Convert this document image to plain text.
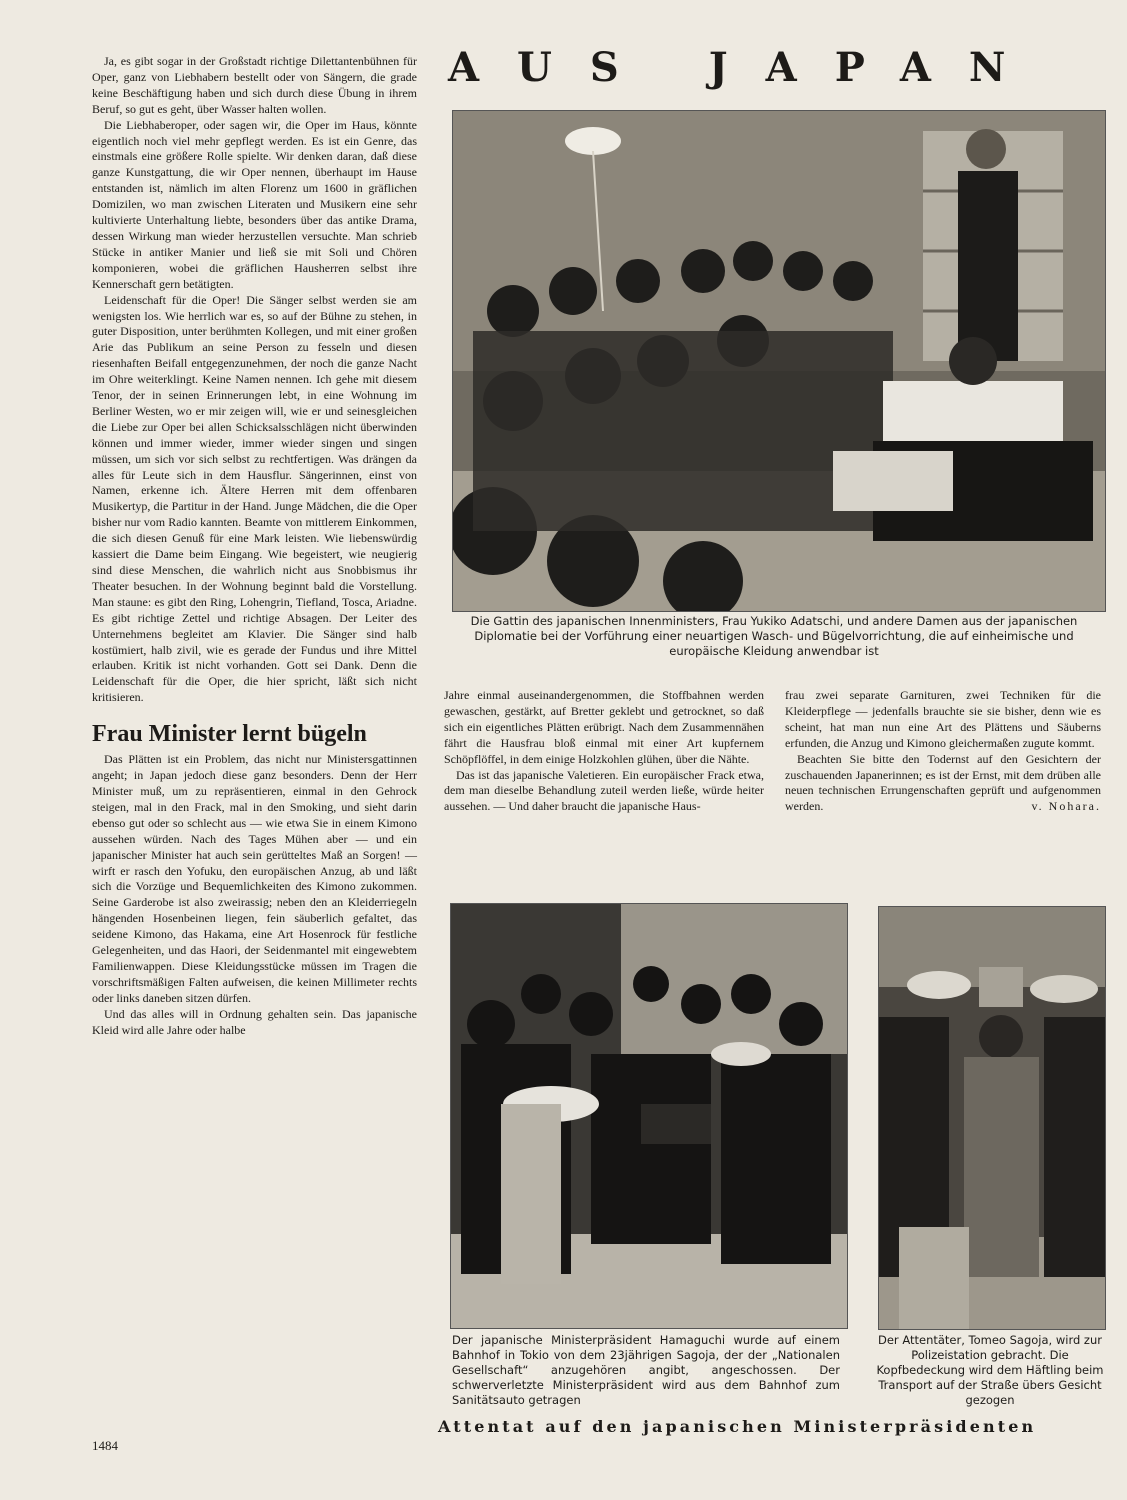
Ja, es gibt sogar in der Großstadt richtige Dilettantenbühnen für Oper, ganz von Liebhabern bestellt oder von Sängern, die grade keine Beschäftigung haben und sich durch diese Übung in ihrem Beruf, so gut es geht, über Wasser halten wollen.

Die Liebhaberoper, oder sagen wir, die Oper im Haus, könnte eigentlich noch viel mehr gepflegt werden. Es ist ein Genre, das einstmals eine größere Rolle spielte. Wir denken daran, daß diese ganze Kunstgattung, die wir Oper nennen, überhaupt im Hause entstanden ist, nämlich im alten Florenz um 1600 in gräflichen Domizilen, wo man zwischen Literaten und Musikern eine sehr kultivierte Unterhaltung liebte, besonders über das antike Drama, dessen Wirkung man wieder herzustellen versuchte. Man schrieb Stücke in antiker Manier und ließ sie mit Soli und Chören komponieren, wobei die gräflichen Hausherren selbst ihre Kennerschaft gern betätigten.

Leidenschaft für die Oper! Die Sänger selbst werden sie am wenigsten los. Wie herrlich war es, so auf der Bühne zu stehen, in guter Disposition, unter berühmten Kollegen, und mit einer großen Arie das Publikum an seine Person zu fesseln und diesen riesenhaften Beifall entgegenzunehmen, der noch die ganze Nacht im Ohre weiterklingt. Keine Namen nennen. Ich gehe mit diesem Tenor, der in seinen Erinnerungen lebt, in eine Wohnung im Berliner Westen, wo er mir zeigen will, wie er und seinesgleichen die Liebe zur Oper bei allen Schicksalsschlägen nicht überwinden können und immer wieder, immer wieder singen und singen müssen, um sich vor sich selbst zu rechtfertigen. Was drängen da alles für Leute sich in dem Hausflur. Sängerinnen, einst von Namen, erkenne ich. Ältere Herren mit dem offenbaren Musikertyp, die Partitur in der Hand. Junge Mädchen, die die Oper bisher nur vom Radio kannten. Beamte von mittlerem Einkommen, die sich diesen Genuß für eine Mark leisten. Wie liebenswürdig kassiert die Dame beim Eingang. Wie begeistert, wie neugierig sind diese Menschen, die wahrlich nicht aus Snobbismus ihr Theater besuchen. In der Wohnung beginnt bald die Vorstellung. Man staune: es gibt den Ring, Lohengrin, Tiefland, Tosca, Ariadne. Es gibt richtige Zettel und richtige Absagen. Der Leiter des Unternehmens begleitet am Klavier. Die Sänger sind halb kostümiert, halb zivil, wie es gerade der Fundus und ihre Mittel erlauben. Kritik ist nicht vorhanden. Gott sei Dank. Denn die Leidenschaft für die Oper, die hier spricht, läßt sich nicht kritisieren.

Frau Minister lernt bügeln

Das Plätten ist ein Problem, das nicht nur Ministersgattinnen angeht; in Japan jedoch diese ganz besonders. Denn der Herr Minister muß, um zu repräsentieren, einmal in den Gehrock steigen, mal in den Frack, mal in den Smoking, und sieht darin ebenso gut oder so schlecht aus — wie etwa Sie in einem Kimono aussehen würden. Nach des Tages Mühen aber — und ein japanischer Minister hat auch sein gerütteltes Maß an Sorgen! — wirft er rasch den Yofuku, den europäischen Anzug, ab und läßt sich die Vorzüge und Bequemlichkeiten des Kimono zukommen. Seine Garderobe ist also zweirassig; neben den an Kleiderriegeln hängenden Hosenbeinen liegen, fein säuberlich gefaltet, das seidene Kimono, das Hakama, eine Art Hosenrock für festliche Gelegenheiten, und das Haori, der Seidenmantel mit eingewebtem Familienwappen. Diese Kleidungsstücke müssen im Tragen die vorschriftsmäßigen Falten aufweisen, die keinen Millimeter rechts oder links daneben sitzen dürfen.

Und das alles will in Ordnung gehalten sein. Das japanische Kleid wird alle Jahre oder halbe

AUS JAPAN
Die Gattin des japanischen Innenministers, Frau Yukiko Adatschi, und andere Damen aus der japanischen Diplomatie bei der Vorführung einer neuartigen Wasch- und Bügelvorrichtung, die auf einheimische und europäische Kleidung anwendbar ist

Jahre einmal auseinandergenommen, die Stoffbahnen werden gewaschen, gestärkt, auf Bretter geklebt und getrocknet, so daß sich ein eigentliches Plätten erübrigt. Nach dem Zusammennähen fährt die Hausfrau bloß einmal mit einer Art kupfernem Schöpflöffel, in dem einige Holzkohlen glühen, über die Nähte.

Das ist das japanische Valetieren. Ein europäischer Frack etwa, dem man dieselbe Behandlung zuteil werden ließe, würde heiter aussehen. — Und daher braucht die japanische Haus-

frau zwei separate Garnituren, zwei Techniken für die Kleiderpflege — jedenfalls brauchte sie sie bisher, denn wie es scheint, hat man nun eine Art des Plättens und Säuberns erfunden, die Anzug und Kimono gleichermaßen zugute kommt.

Beachten Sie bitte den Todernst auf den Gesichtern der zuschauenden Japanerinnen; es ist der Ernst, mit dem drüben alle neuen technischen Errungenschaften geprüft und aufgenommen werden.	v. Nohara.

Der japanische Ministerpräsident Hamaguchi wurde auf einem Bahnhof in Tokio von dem 23jährigen Sagoja, der der „Nationalen Gesellschaft“ anzugehören angibt, angeschossen. Der schwerverletzte Ministerpräsident wird aus dem Bahnhof zum Sanitätsauto getragen
Der Attentäter, Tomeo Sagoja, wird zur Polizeistation gebracht. Die Kopfbedeckung wird dem Häftling beim Transport auf der Straße übers Gesicht gezogen
Attentat auf den japanischen Ministerpräsidenten
1484
